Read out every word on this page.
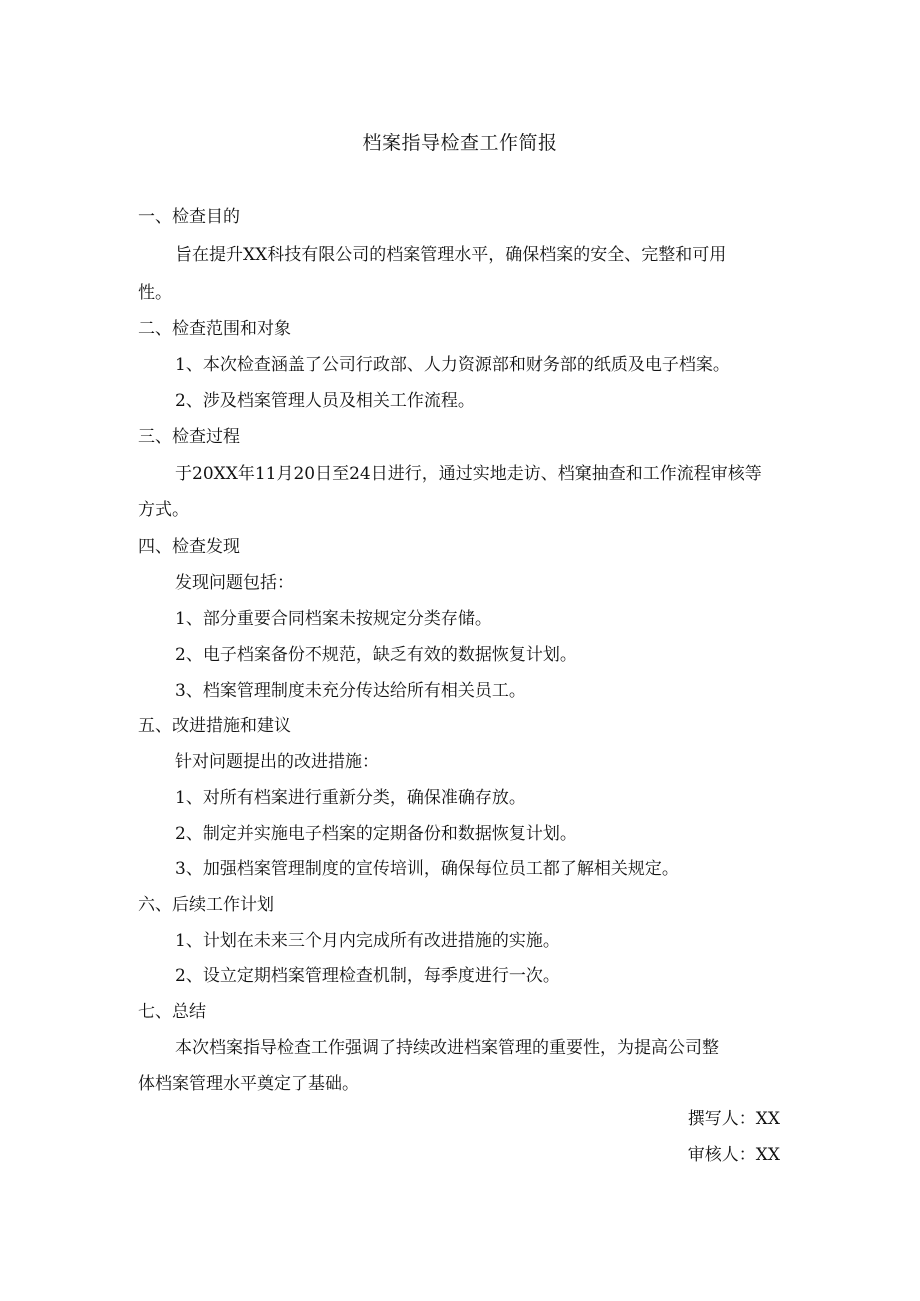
档案指导检查工作简报
一、检查目的
旨在提升XX科技有限公司的档案管理水平，确保档案的安全、完整和可用
性。
二、检查范围和对象
1、本次检查涵盖了公司行政部、人力资源部和财务部的纸质及电子档案。
2、涉及档案管理人员及相关工作流程。
三、检查过程
于20XX年11月20日至24日进行，通过实地走访、档窠抽查和工作流程审核等
方式。
四、检查发现
发现问题包括：
1、部分重要合同档案未按规定分类存储。
2、电子档案备份不规范，缺乏有效的数据恢复计划。
3、档案管理制度未充分传达给所有相关员工。
五、改进措施和建议
针对问题提出的改进措施：
1、对所有档案进行重新分类，确保准确存放。
2、制定并实施电子档案的定期备份和数据恢复计划。
3、加强档案管理制度的宣传培训，确保每位员工都了解相关规定。
六、后续工作计划
1、计划在未来三个月内完成所有改进措施的实施。
2、设立定期档案管理检查机制，每季度进行一次。
七、总结
本次档案指导检查工作强调了持续改进档案管理的重要性，为提高公司整
体档案管理水平奠定了基础。
撰写人：XX
审核人：XX
